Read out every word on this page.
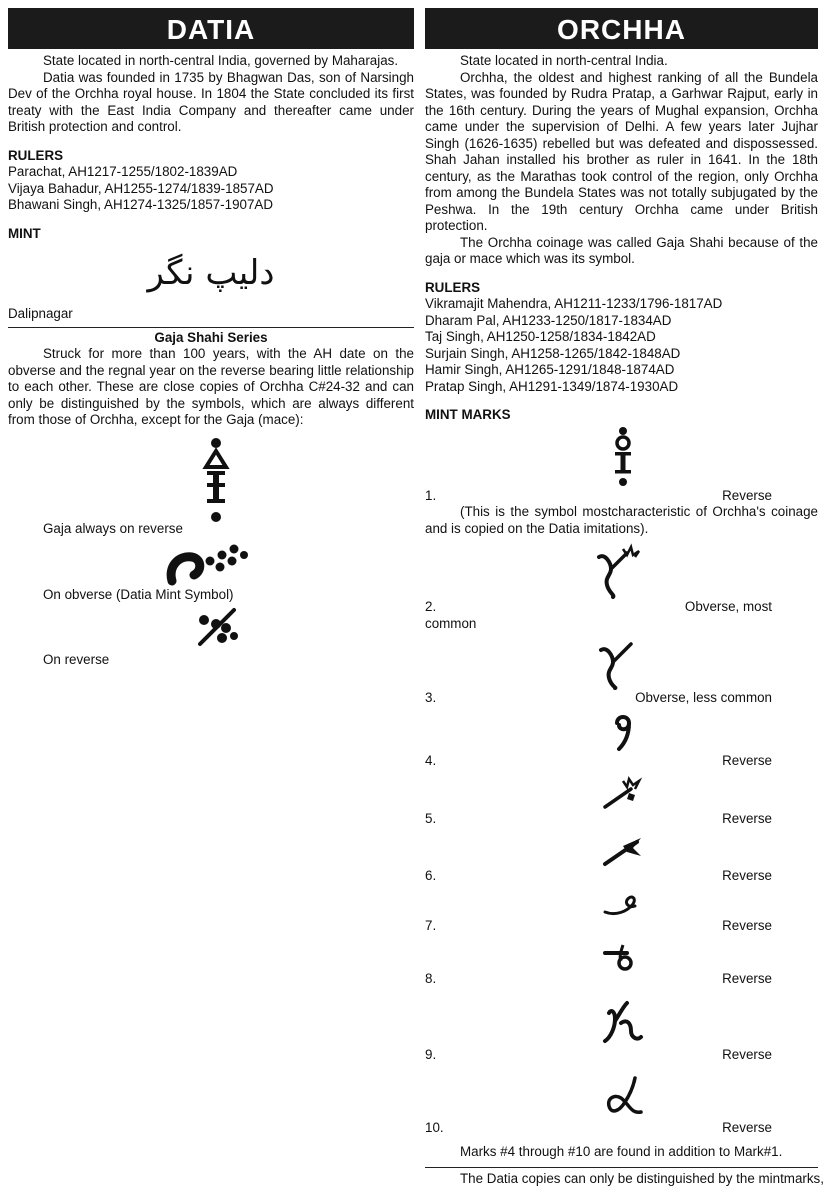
DATIA

State located in north-central India, governed by Maharajas.

Datia was founded in 1735 by Bhagwan Das, son of Narsingh Dev of the Orchha royal house. In 1804 the State concluded its first treaty with the East India Company and thereafter came under British protection and control.

RULERS
Parachat, AH1217-1255/1802-1839AD
Vijaya Bahadur, AH1255-1274/1839-1857AD
Bhawani Singh, AH1274-1325/1857-1907AD
MINT
دلیپ نگر
Dalipnagar
Gaja Shahi Series

Struck for more than 100 years, with the AH date on the obverse and the regnal year on the reverse bearing little relationship to each other. These are close copies of Orchha C#24-32 and can only be distinguished by the symbols, which are always different from those of Orchha, except for the Gaja (mace):

Gaja always on reverse
On obverse (Datia Mint Symbol)
On reverse
ORCHHA

State located in north-central India.

Orchha, the oldest and highest ranking of all the Bundela States, was founded by Rudra Pratap, a Garhwar Rajput, early in the 16th century. During the years of Mughal expansion, Orchha came under the supervision of Delhi. A few years later Jujhar Singh (1626-1635) rebelled but was defeated and dispossessed. Shah Jahan installed his brother as ruler in 1641. In the 18th century, as the Marathas took control of the region, only Orchha from among the Bundela States was not totally subjugated by the Peshwa. In the 19th century Orchha came under British protection.

The Orchha coinage was called Gaja Shahi because of the gaja or mace which was its symbol.

RULERS
Vikramajit Mahendra, AH1211-1233/1796-1817AD
Dharam Pal, AH1233-1250/1817-1834AD
Taj Singh, AH1250-1258/1834-1842AD
Surjain Singh, AH1258-1265/1842-1848AD
Hamir Singh, AH1265-1291/1848-1874AD
Pratap Singh, AH1291-1349/1874-1930AD
MINT MARKS
1.	Reverse

(This is the symbol mostcharacteristic of Orchha's coinage and is copied on the Datia imitations).

2.	Obverse, most
common
3.	Obverse, less common
4.	Reverse
5.	Reverse
6.	Reverse
7.	Reverse
8.	Reverse
9.	Reverse
10.	Reverse
Marks #4 through #10 are found in addition to Mark#1.
The Datia copies can only be distinguished by the mintmarks,
